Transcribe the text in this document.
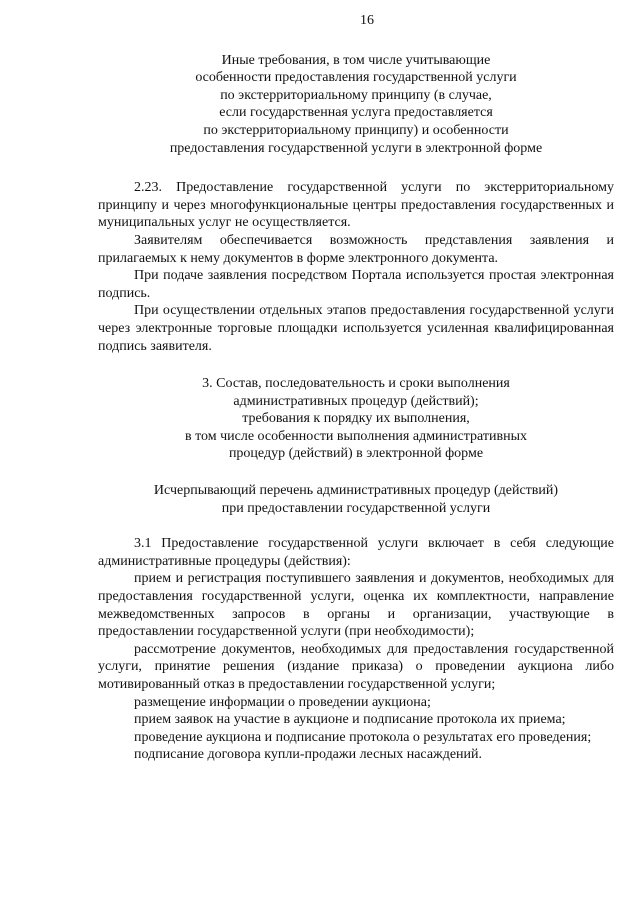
16
Иные требования, в том числе учитывающие
особенности предоставления государственной услуги
по экстерриториальному принципу (в случае,
если государственная услуга предоставляется
по экстерриториальному принципу) и особенности
предоставления государственной услуги в электронной форме

2.23. Предоставление государственной услуги по экстерриториальному принципу и через многофункциональные центры предоставления государственных и муниципальных услуг не осуществляется.

Заявителям обеспечивается возможность представления заявления и прилагаемых к нему документов в форме электронного документа.

При подаче заявления посредством Портала используется простая электронная подпись.

При осуществлении отдельных этапов предоставления государственной услуги через электронные торговые площадки используется усиленная квалифицированная подпись заявителя.

3. Состав, последовательность и сроки выполнения
административных процедур (действий);
требования к порядку их выполнения,
в том числе особенности выполнения административных
процедур (действий) в электронной форме
Исчерпывающий перечень административных процедур (действий)
при предоставлении государственной услуги

3.1 Предоставление государственной услуги включает в себя следующие административные процедуры (действия):

прием и регистрация поступившего заявления и документов, необходимых для предоставления государственной услуги, оценка их комплектности, направление межведомственных запросов в органы и организации, участвующие в предоставлении государственной услуги (при необходимости);

рассмотрение документов, необходимых для предоставления государственной услуги, принятие решения (издание приказа) о проведении аукциона либо мотивированный отказ в предоставлении государственной услуги;

размещение информации о проведении аукциона;

прием заявок на участие в аукционе и подписание протокола их приема;

проведение аукциона и подписание протокола о результатах его проведения;

подписание договора купли-продажи лесных насаждений.
